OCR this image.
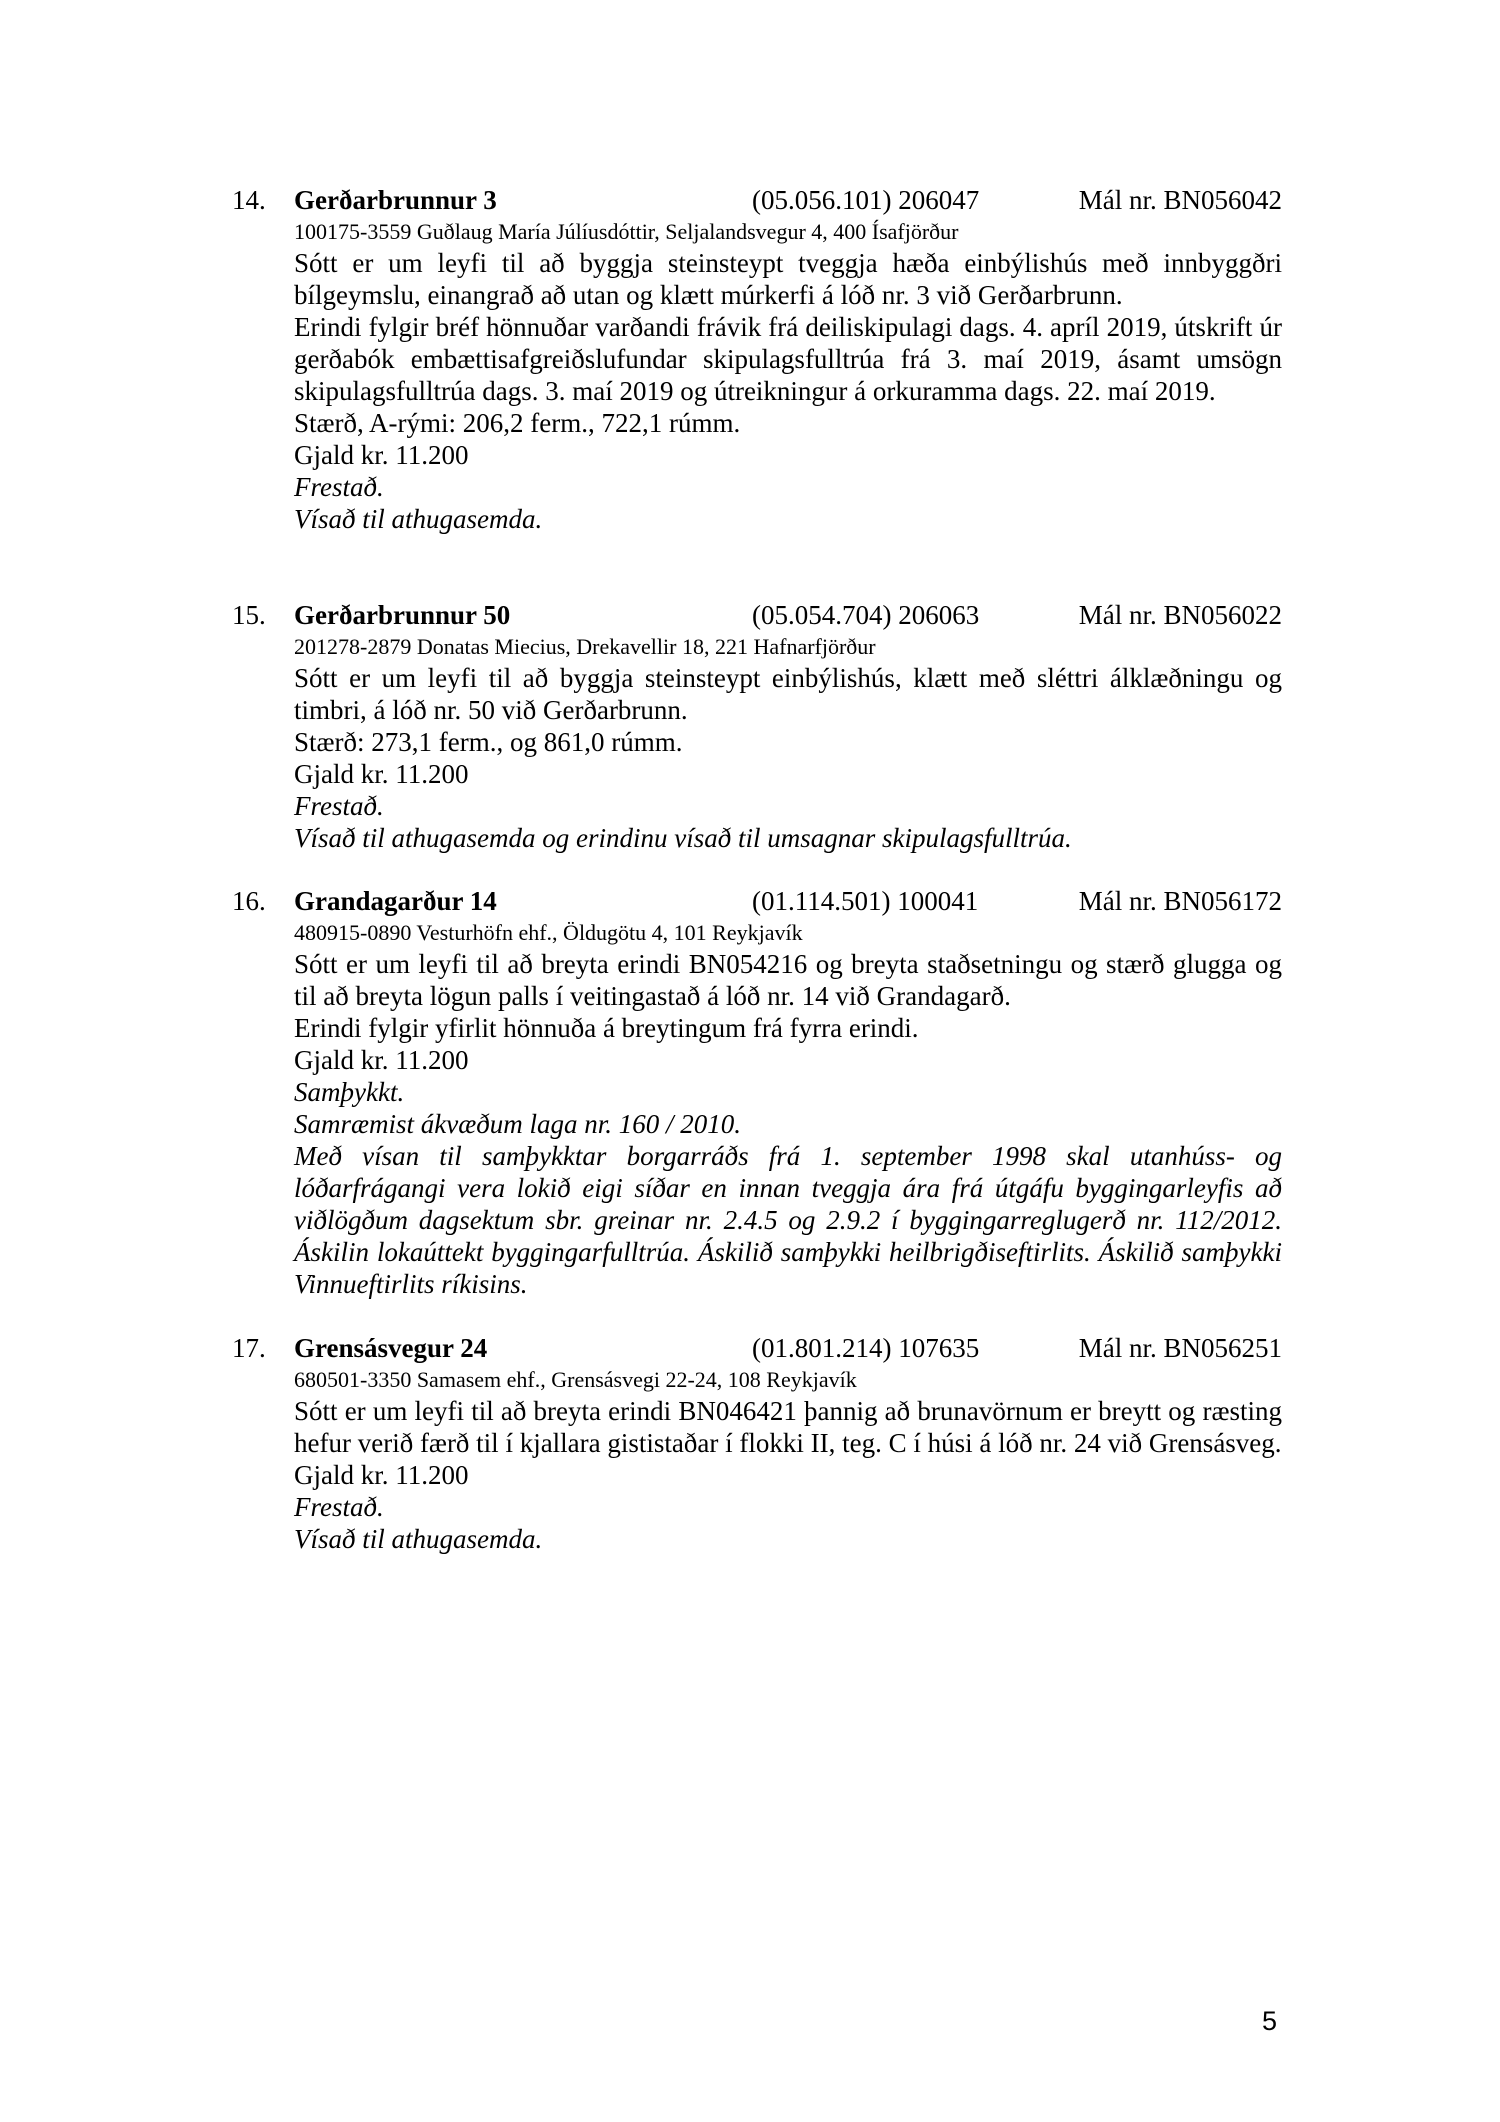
14. Gerðarbrunnur 3	(05.056.101) 206047	Mál nr. BN056042
100175-3559 Guðlaug María Júlíusdóttir, Seljalandsvegur 4, 400 Ísafjörður

Sótt er um leyfi til að byggja steinsteypt tveggja hæða einbýlishús með innbyggðri bílgeymslu, einangrað að utan og klætt múrkerfi á lóð nr. 3 við Gerðarbrunn.

Erindi fylgir bréf hönnuðar varðandi frávik frá deiliskipulagi dags. 4. apríl 2019, útskrift úr gerðabók embættisafgreiðslufundar skipulagsfulltrúa frá 3. maí 2019, ásamt umsögn skipulagsfulltrúa dags. 3. maí 2019 og útreikningur á orkuramma dags. 22. maí 2019.

Stærð, A-rými: 206,2 ferm., 722,1 rúmm.

Gjald kr. 11.200

Frestað.

Vísað til athugasemda.

15. Gerðarbrunnur 50	(05.054.704) 206063	Mál nr. BN056022
201278-2879 Donatas Miecius, Drekavellir 18, 221 Hafnarfjörður

Sótt er um leyfi til að byggja steinsteypt einbýlishús, klætt með sléttri álklæðningu og timbri, á lóð nr. 50 við Gerðarbrunn.

Stærð: 273,1 ferm., og 861,0 rúmm.

Gjald kr. 11.200

Frestað.

Vísað til athugasemda og erindinu vísað til umsagnar skipulagsfulltrúa.

16. Grandagarður 14	(01.114.501) 100041	Mál nr. BN056172
480915-0890 Vesturhöfn ehf., Öldugötu 4, 101 Reykjavík

Sótt er um leyfi til að breyta erindi BN054216 og breyta staðsetningu og stærð glugga og til að breyta lögun palls í veitingastað á lóð nr. 14 við Grandagarð.

Erindi fylgir yfirlit hönnuða á breytingum frá fyrra erindi.

Gjald kr. 11.200

Samþykkt.

Samræmist ákvæðum laga nr. 160 / 2010.

Með vísan til samþykktar borgarráðs frá 1. september 1998 skal utanhúss- og lóðarfrágangi vera lokið eigi síðar en innan tveggja ára frá útgáfu byggingarleyfis að viðlögðum dagsektum sbr. greinar nr. 2.4.5 og 2.9.2 í byggingarreglugerð nr. 112/2012. Áskilin lokaúttekt byggingarfulltrúa. Áskilið samþykki heilbrigðiseftirlits. Áskilið samþykki Vinnueftirlits ríkisins.

17. Grensásvegur 24	(01.801.214) 107635	Mál nr. BN056251
680501-3350 Samasem ehf., Grensásvegi 22-24, 108 Reykjavík

Sótt er um leyfi til að breyta erindi BN046421 þannig að brunavörnum er breytt og ræsting hefur verið færð til í kjallara gististaðar í flokki II, teg. C í húsi á lóð nr. 24 við Grensásveg.

Gjald kr. 11.200

Frestað.

Vísað til athugasemda.

5
